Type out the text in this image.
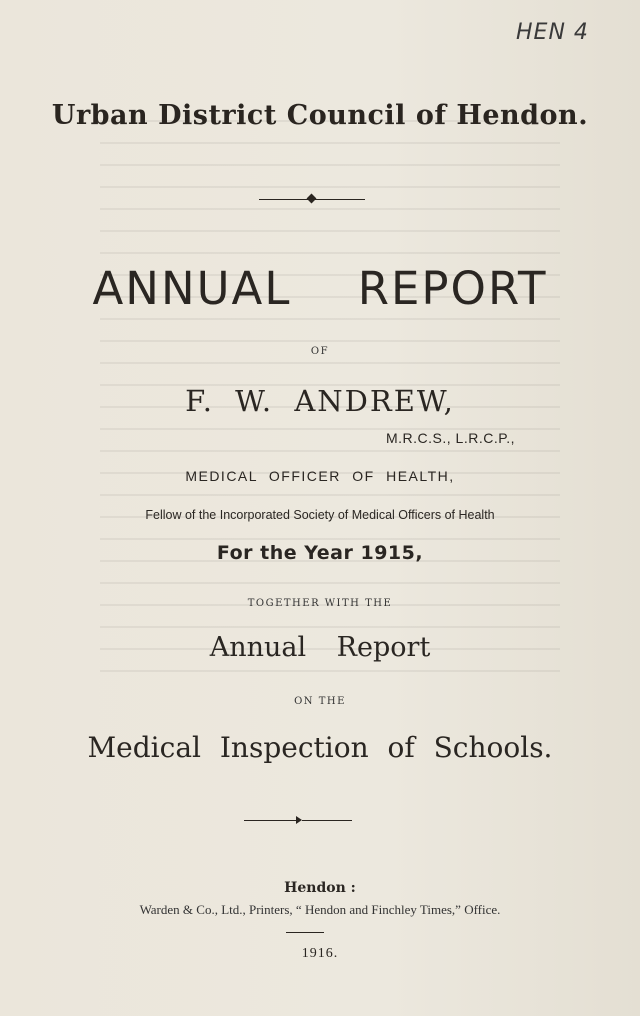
HEN 4
Urban District Council of Hendon.
ANNUAL REPORT
OF
F. W. ANDREW,
M.R.C.S., L.R.C.P.,
MEDICAL OFFICER OF HEALTH,
Fellow of the Incorporated Society of Medical Officers of Health
For the Year 1915,
TOGETHER WITH THE
Annual Report
ON THE
Medical Inspection of Schools.
Hendon :
Warden & Co., Ltd., Printers, “ Hendon and Finchley Times,” Office.
1916.
